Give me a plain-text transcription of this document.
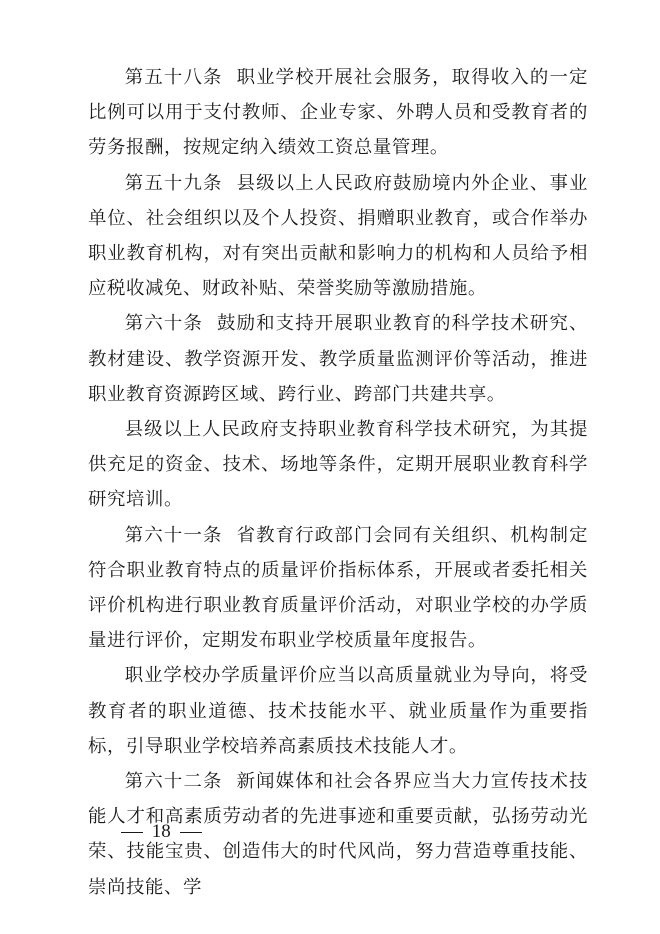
第五十八条 职业学校开展社会服务，取得收入的一定比例可以用于支付教师、企业专家、外聘人员和受教育者的劳务报酬，按规定纳入绩效工资总量管理。

第五十九条 县级以上人民政府鼓励境内外企业、事业单位、社会组织以及个人投资、捐赠职业教育，或合作举办职业教育机构，对有突出贡献和影响力的机构和人员给予相应税收减免、财政补贴、荣誉奖励等激励措施。

第六十条 鼓励和支持开展职业教育的科学技术研究、教材建设、教学资源开发、教学质量监测评价等活动，推进职业教育资源跨区域、跨行业、跨部门共建共享。

县级以上人民政府支持职业教育科学技术研究，为其提供充足的资金、技术、场地等条件，定期开展职业教育科学研究培训。

第六十一条 省教育行政部门会同有关组织、机构制定符合职业教育特点的质量评价指标体系，开展或者委托相关评价机构进行职业教育质量评价活动，对职业学校的办学质量进行评价，定期发布职业学校质量年度报告。

职业学校办学质量评价应当以高质量就业为导向，将受教育者的职业道德、技术技能水平、就业质量作为重要指标，引导职业学校培养高素质技术技能人才。

第六十二条 新闻媒体和社会各界应当大力宣传技术技能人才和高素质劳动者的先进事迹和重要贡献，弘扬劳动光荣、技能宝贵、创造伟大的时代风尚，努力营造尊重技能、崇尚技能、学

18
